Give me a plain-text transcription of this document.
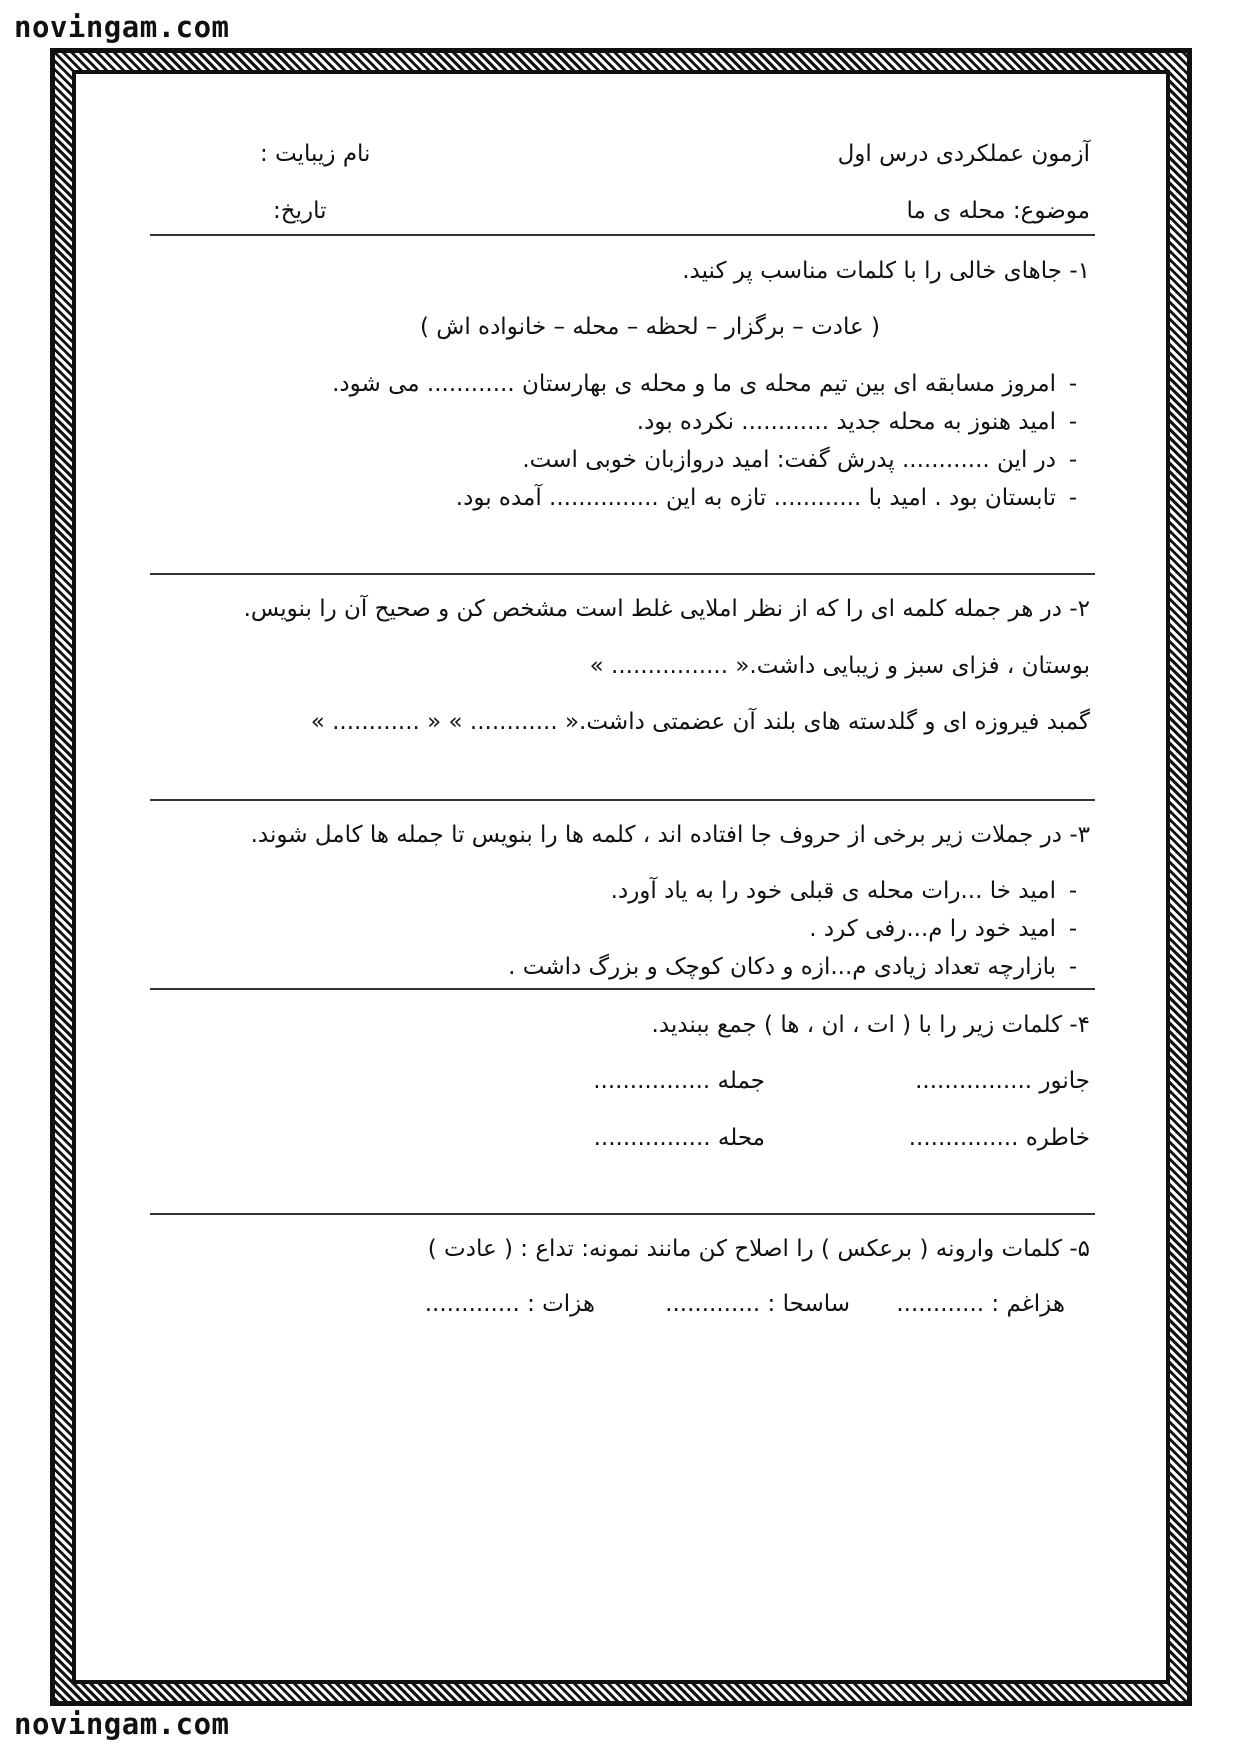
novingam.com
novingam.com
آزمون عملکردی درس اول
نام زیبایت :
موضوع: محله ی ما
تاریخ:
۱- جاهای خالی را با کلمات مناسب پر کنید.
( عادت – برگزار – لحظه – محله – خانواده اش )
-امروز مسابقه ای بین تیم محله ی ما و محله ی بهارستان ............ می شود.
-امید هنوز به محله جدید ............ نکرده بود.
-در این ............ پدرش گفت: امید دروازبان خوبی است.
-تابستان بود . امید با ............ تازه به این ............... آمده بود.
۲- در هر جمله کلمه ای را که از نظر املایی غلط است مشخص کن و صحیح آن را بنویس.
بوستان ، فزای سبز و زیبایی داشت.« ................ »
گمبد فیروزه ای و گلدسته های بلند آن عضمتی داشت.« ............ » « ............ »
۳- در جملات زیر برخی از حروف جا افتاده اند ، کلمه ها را بنویس تا جمله ها کامل شوند.
-امید خا ...رات محله ی قبلی خود را به یاد آورد.
-امید خود را م...رفی کرد .
-بازارچه تعداد زیادی م...ازه و دکان کوچک و بزرگ داشت .
۴- کلمات زیر را با ( ات ، ان ، ها ) جمع ببندید.
جانور ................
جمله ................
خاطره ...............
محله ................
۵- کلمات وارونه ( برعکس ) را اصلاح کن مانند نمونه: تداع : ( عادت )
هزاغم : ............
ساسحا : .............
هزات : .............
